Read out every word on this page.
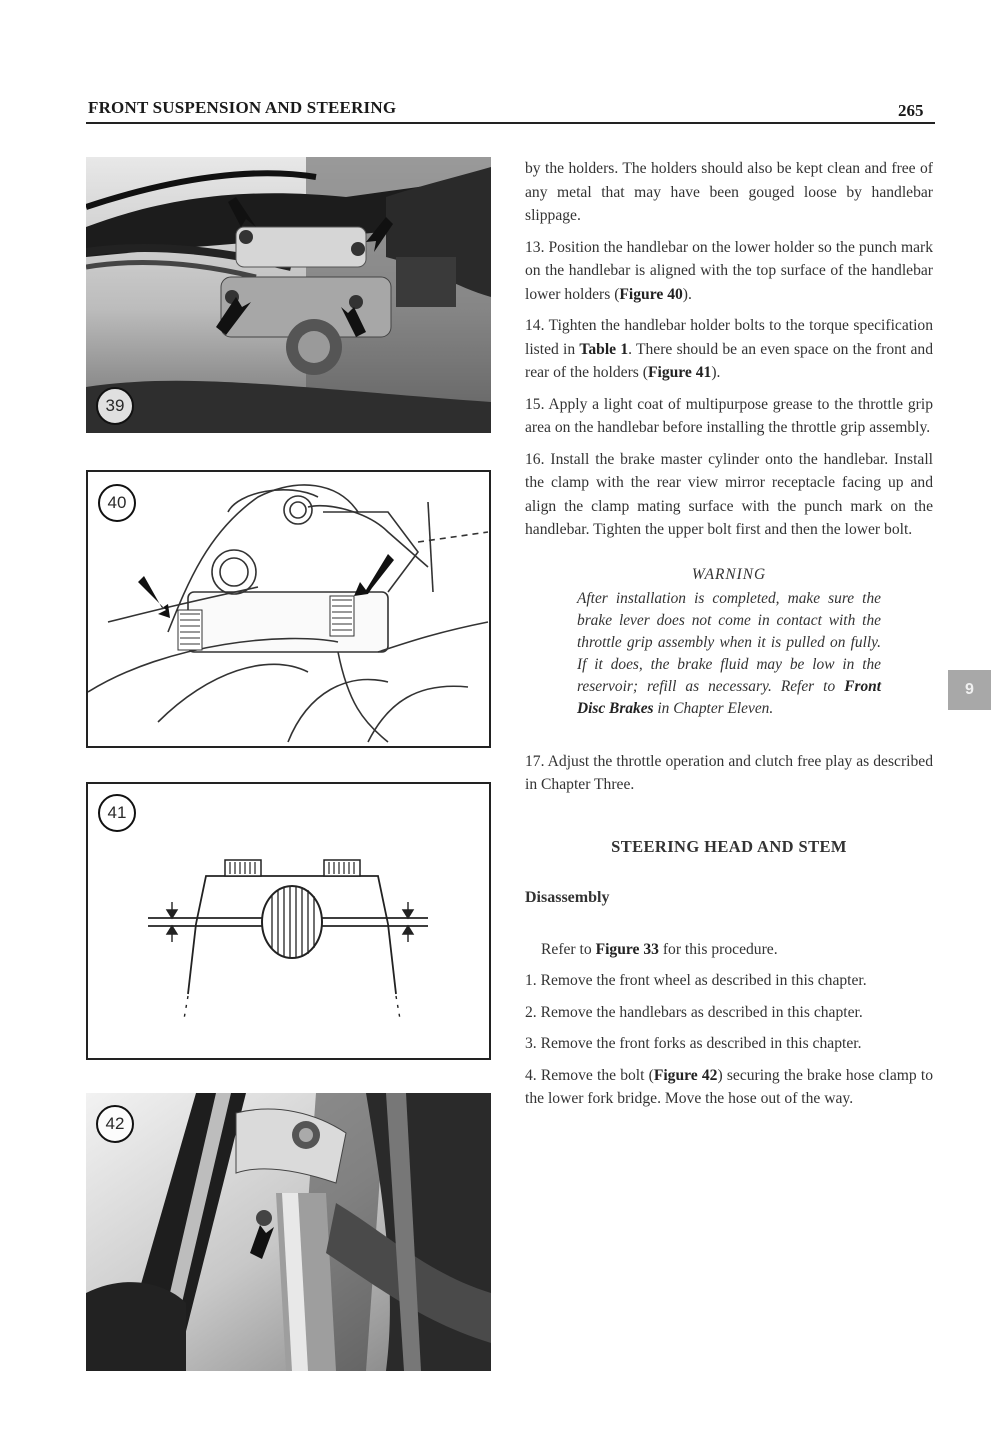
FRONT SUSPENSION AND STEERING	265
39
40
41
42

by the holders. The holders should also be kept clean and free of any metal that may have been gouged loose by handlebar slippage.

13. Position the handlebar on the lower holder so the punch mark on the handlebar is aligned with the top surface of the handlebar lower holders (Figure 40).

14. Tighten the handlebar holder bolts to the torque specification listed in Table 1. There should be an even space on the front and rear of the holders (Figure 41).

15. Apply a light coat of multipurpose grease to the throttle grip area on the handlebar before installing the throttle grip assembly.

16. Install the brake master cylinder onto the handlebar. Install the clamp with the rear view mirror receptacle facing up and align the clamp mating surface with the punch mark on the handlebar. Tighten the upper bolt first and then the lower bolt.

WARNING
After installation is completed, make sure the brake lever does not come in contact with the throttle grip assembly when it is pulled on fully. If it does, the brake fluid may be low in the reservoir; refill as necessary. Refer to Front Disc Brakes in Chapter Eleven.

17. Adjust the throttle operation and clutch free play as described in Chapter Three.

STEERING HEAD AND STEM
Disassembly

Refer to Figure 33 for this procedure.

1. Remove the front wheel as described in this chapter.

2. Remove the handlebars as described in this chapter.

3. Remove the front forks as described in this chapter.

4. Remove the bolt (Figure 42) securing the brake hose clamp to the lower fork bridge. Move the hose out of the way.

9
